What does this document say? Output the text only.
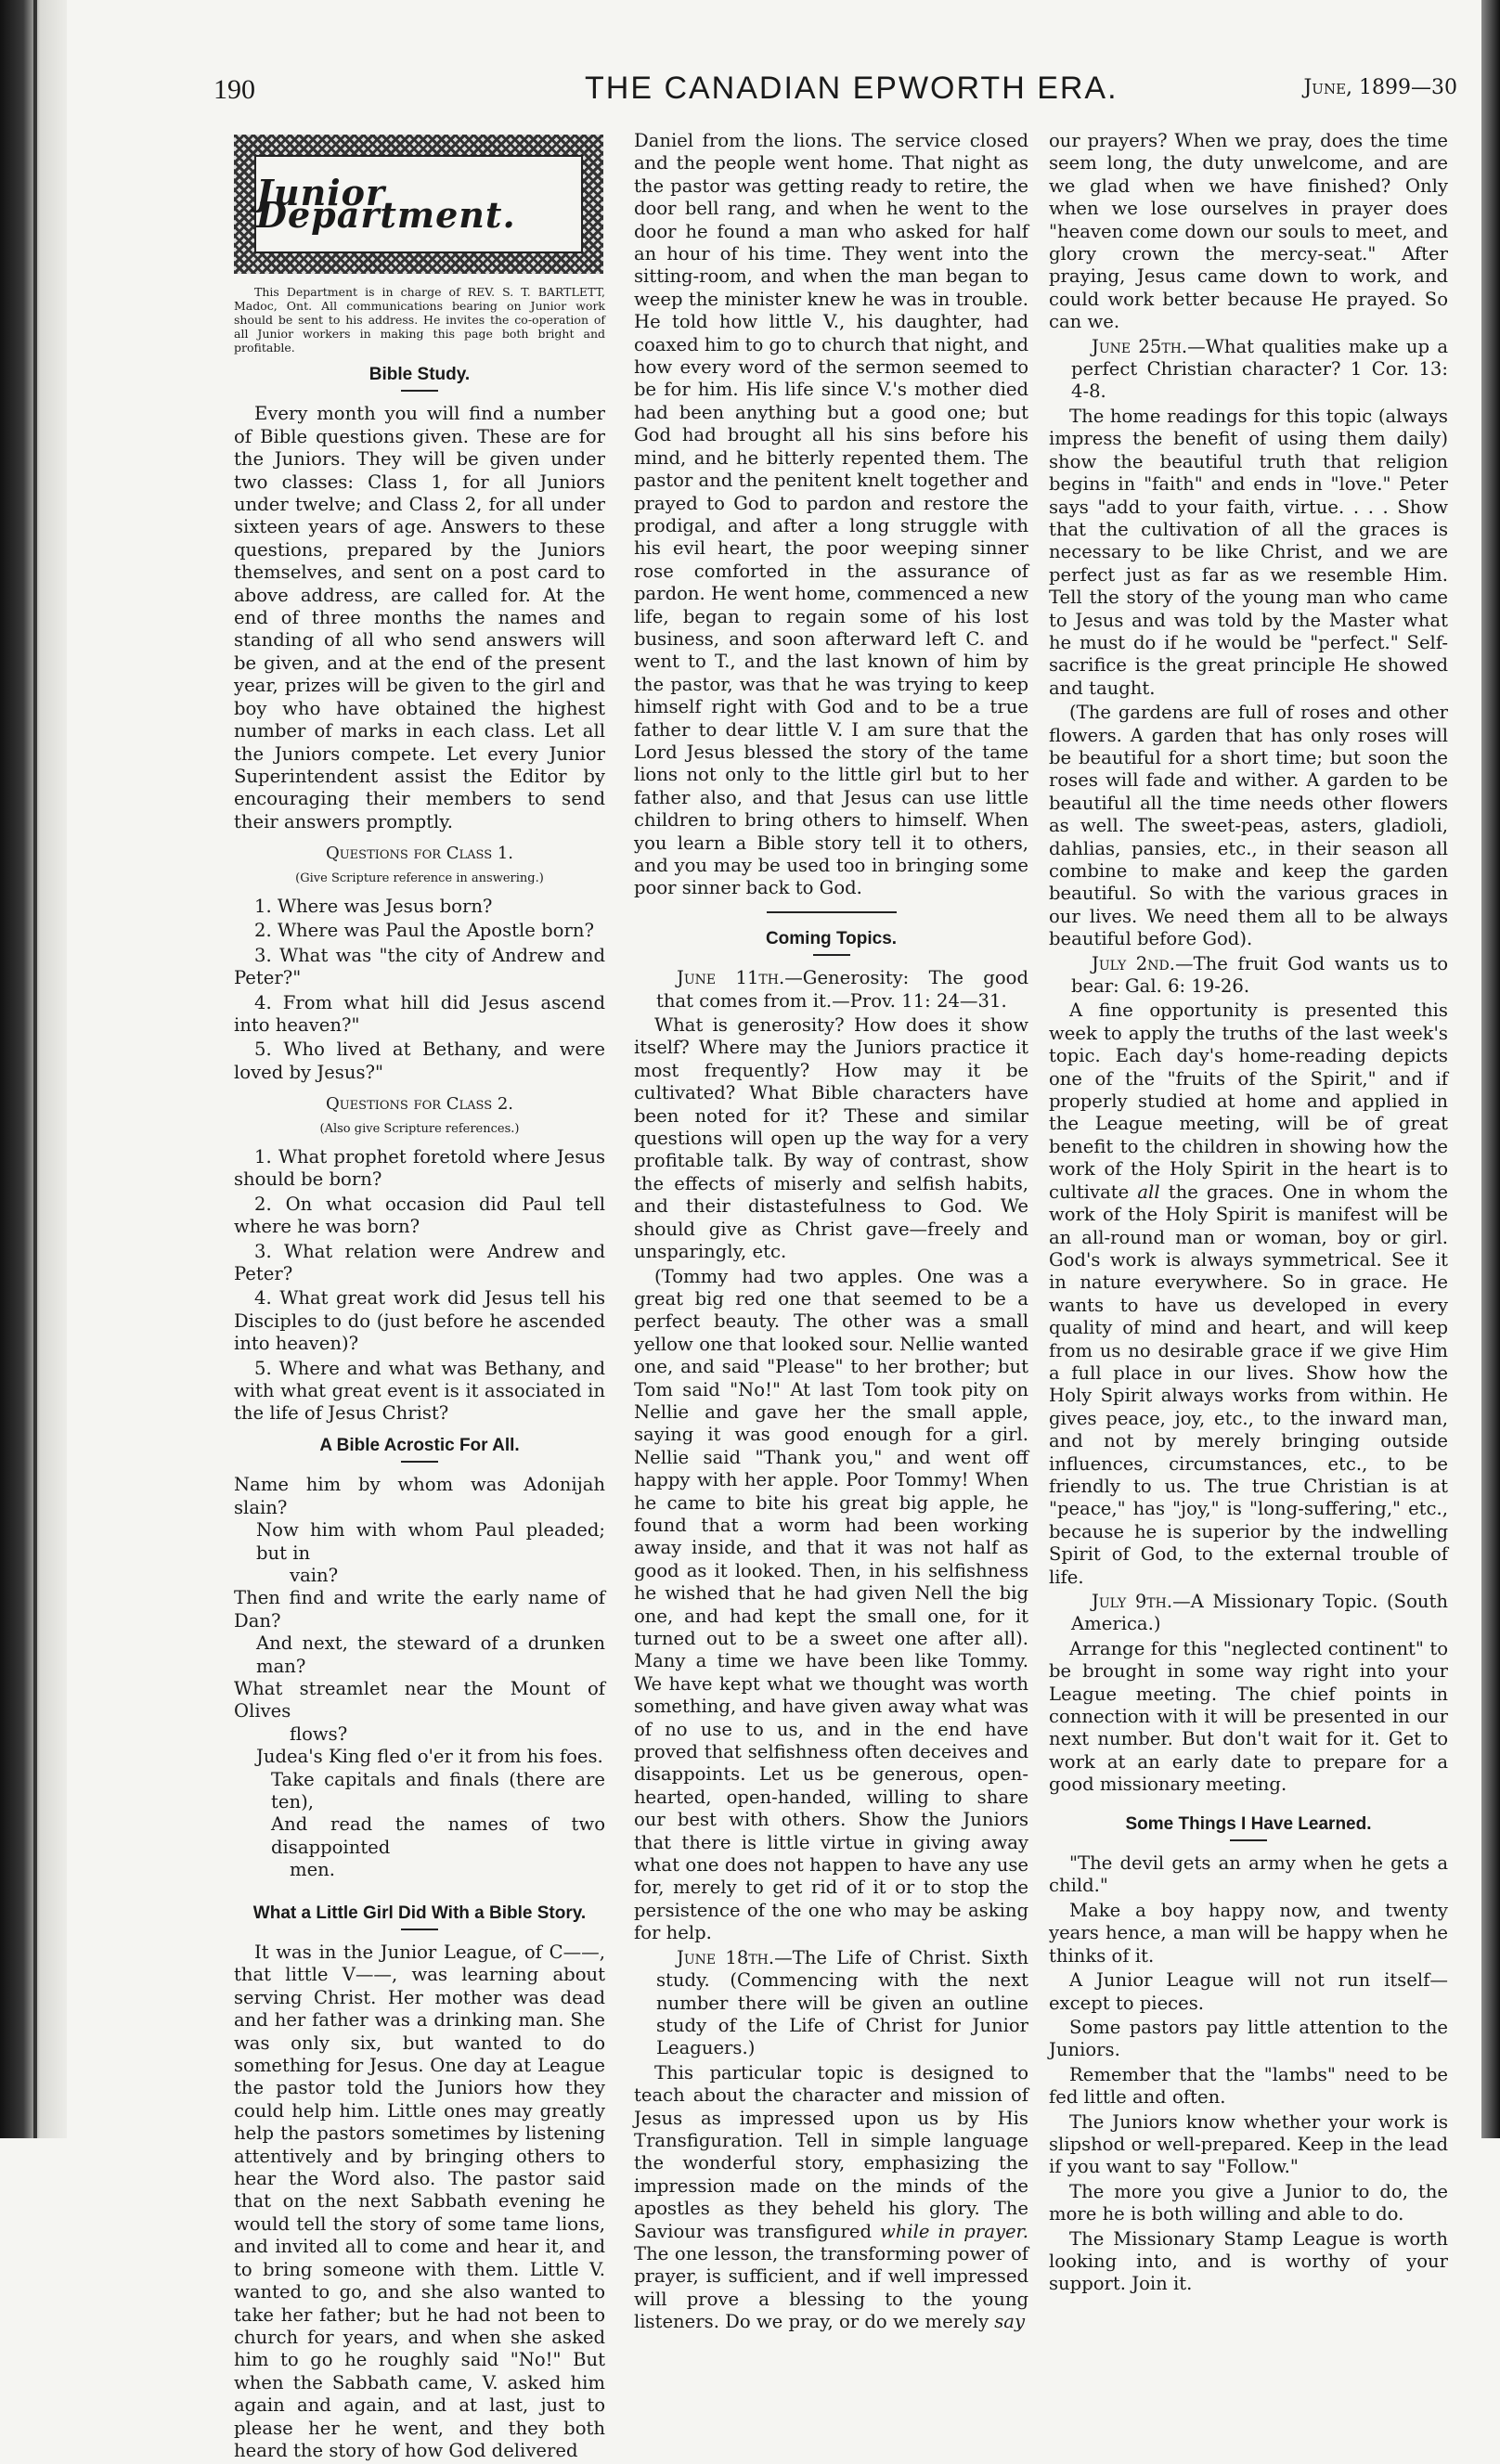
190	THE CANADIAN EPWORTH ERA.	June, 1899—30
Junior Department.

This Department is in charge of REV. S. T. BARTLETT, Madoc, Ont. All communications bearing on Junior work should be sent to his address. He invites the co-operation of all Junior workers in making this page both bright and profitable.

Bible Study.

Every month you will find a number of Bible questions given. These are for the Juniors. They will be given under two classes: Class 1, for all Juniors under twelve; and Class 2, for all under sixteen years of age. Answers to these questions, prepared by the Juniors themselves, and sent on a post card to above address, are called for. At the end of three months the names and standing of all who send answers will be given, and at the end of the present year, prizes will be given to the girl and boy who have obtained the highest number of marks in each class. Let all the Juniors compete. Let every Junior Superintendent assist the Editor by encouraging their members to send their answers promptly.

Questions for Class 1.
(Give Scripture reference in answering.)

1. Where was Jesus born?

2. Where was Paul the Apostle born?

3. What was "the city of Andrew and Peter?"

4. From what hill did Jesus ascend into heaven?"

5. Who lived at Bethany, and were loved by Jesus?"

Questions for Class 2.
(Also give Scripture references.)

1. What prophet foretold where Jesus should be born?

2. On what occasion did Paul tell where he was born?

3. What relation were Andrew and Peter?

4. What great work did Jesus tell his Disciples to do (just before he ascended into heaven)?

5. Where and what was Bethany, and with what great event is it associated in the life of Jesus Christ?

A Bible Acrostic For All.
Name him by whom was Adonijah slain?
Now him with whom Paul pleaded; but in
vain?
Then find and write the early name of Dan?
And next, the steward of a drunken man?
What streamlet near the Mount of Olives
flows?
Judea's King fled o'er it from his foes.
Take capitals and finals (there are ten),
And read the names of two disappointed
men.
What a Little Girl Did With a Bible Story.

It was in the Junior League, of C——, that little V——, was learning about serving Christ. Her mother was dead and her father was a drinking man. She was only six, but wanted to do something for Jesus. One day at League the pastor told the Juniors how they could help him. Little ones may greatly help the pastors sometimes by listening attentively and by bringing others to hear the Word also. The pastor said that on the next Sabbath evening he would tell the story of some tame lions, and invited all to come and hear it, and to bring someone with them. Little V. wanted to go, and she also wanted to take her father; but he had not been to church for years, and when she asked him to go he roughly said "No!" But when the Sabbath came, V. asked him again and again, and at last, just to please her he went, and they both heard the story of how God delivered

Daniel from the lions. The service closed and the people went home. That night as the pastor was getting ready to retire, the door bell rang, and when he went to the door he found a man who asked for half an hour of his time. They went into the sitting-room, and when the man began to weep the minister knew he was in trouble. He told how little V., his daughter, had coaxed him to go to church that night, and how every word of the sermon seemed to be for him. His life since V.'s mother died had been anything but a good one; but God had brought all his sins before his mind, and he bitterly repented them. The pastor and the penitent knelt together and prayed to God to pardon and restore the prodigal, and after a long struggle with his evil heart, the poor weeping sinner rose comforted in the assurance of pardon. He went home, commenced a new life, began to regain some of his lost business, and soon afterward left C. and went to T., and the last known of him by the pastor, was that he was trying to keep himself right with God and to be a true father to dear little V. I am sure that the Lord Jesus blessed the story of the tame lions not only to the little girl but to her father also, and that Jesus can use little children to bring others to himself. When you learn a Bible story tell it to others, and you may be used too in bringing some poor sinner back to God.

Coming Topics.

June 11th.—Generosity: The good that comes from it.—Prov. 11: 24—31.

What is generosity? How does it show itself? Where may the Juniors practice it most frequently? How may it be cultivated? What Bible characters have been noted for it? These and similar questions will open up the way for a very profitable talk. By way of contrast, show the effects of miserly and selfish habits, and their distastefulness to God. We should give as Christ gave—freely and unsparingly, etc.

(Tommy had two apples. One was a great big red one that seemed to be a perfect beauty. The other was a small yellow one that looked sour. Nellie wanted one, and said "Please" to her brother; but Tom said "No!" At last Tom took pity on Nellie and gave her the small apple, saying it was good enough for a girl. Nellie said "Thank you," and went off happy with her apple. Poor Tommy! When he came to bite his great big apple, he found that a worm had been working away inside, and that it was not half as good as it looked. Then, in his selfishness he wished that he had given Nell the big one, and had kept the small one, for it turned out to be a sweet one after all). Many a time we have been like Tommy. We have kept what we thought was worth something, and have given away what was of no use to us, and in the end have proved that selfishness often deceives and disappoints. Let us be generous, open-hearted, open-handed, willing to share our best with others. Show the Juniors that there is little virtue in giving away what one does not happen to have any use for, merely to get rid of it or to stop the persistence of the one who may be asking for help.

June 18th.—The Life of Christ. Sixth study. (Commencing with the next number there will be given an outline study of the Life of Christ for Junior Leaguers.)

This particular topic is designed to teach about the character and mission of Jesus as impressed upon us by His Transfiguration. Tell in simple language the wonderful story, emphasizing the impression made on the minds of the apostles as they beheld his glory. The Saviour was transfigured while in prayer. The one lesson, the transforming power of prayer, is sufficient, and if well impressed will prove a blessing to the young listeners. Do we pray, or do we merely say

our prayers? When we pray, does the time seem long, the duty unwelcome, and are we glad when we have finished? Only when we lose ourselves in prayer does "heaven come down our souls to meet, and glory crown the mercy-seat." After praying, Jesus came down to work, and could work better because He prayed. So can we.

June 25th.—What qualities make up a perfect Christian character? 1 Cor. 13: 4-8.

The home readings for this topic (always impress the benefit of using them daily) show the beautiful truth that religion begins in "faith" and ends in "love." Peter says "add to your faith, virtue. . . . Show that the cultivation of all the graces is necessary to be like Christ, and we are perfect just as far as we resemble Him. Tell the story of the young man who came to Jesus and was told by the Master what he must do if he would be "perfect." Self-sacrifice is the great principle He showed and taught.

(The gardens are full of roses and other flowers. A garden that has only roses will be beautiful for a short time; but soon the roses will fade and wither. A garden to be beautiful all the time needs other flowers as well. The sweet-peas, asters, gladioli, dahlias, pansies, etc., in their season all combine to make and keep the garden beautiful. So with the various graces in our lives. We need them all to be always beautiful before God).

July 2nd.—The fruit God wants us to bear: Gal. 6: 19-26.

A fine opportunity is presented this week to apply the truths of the last week's topic. Each day's home-reading depicts one of the "fruits of the Spirit," and if properly studied at home and applied in the League meeting, will be of great benefit to the children in showing how the work of the Holy Spirit in the heart is to cultivate all the graces. One in whom the work of the Holy Spirit is manifest will be an all-round man or woman, boy or girl. God's work is always symmetrical. See it in nature everywhere. So in grace. He wants to have us developed in every quality of mind and heart, and will keep from us no desirable grace if we give Him a full place in our lives. Show how the Holy Spirit always works from within. He gives peace, joy, etc., to the inward man, and not by merely bringing outside influences, circumstances, etc., to be friendly to us. The true Christian is at "peace," has "joy," is "long-suffering," etc., because he is superior by the indwelling Spirit of God, to the external trouble of life.

July 9th.—A Missionary Topic. (South America.)

Arrange for this "neglected continent" to be brought in some way right into your League meeting. The chief points in connection with it will be presented in our next number. But don't wait for it. Get to work at an early date to prepare for a good missionary meeting.

Some Things I Have Learned.

"The devil gets an army when he gets a child."

Make a boy happy now, and twenty years hence, a man will be happy when he thinks of it.

A Junior League will not run itself—except to pieces.

Some pastors pay little attention to the Juniors.

Remember that the "lambs" need to be fed little and often.

The Juniors know whether your work is slipshod or well-prepared. Keep in the lead if you want to say "Follow."

The more you give a Junior to do, the more he is both willing and able to do.

The Missionary Stamp League is worth looking into, and is worthy of your support. Join it.
